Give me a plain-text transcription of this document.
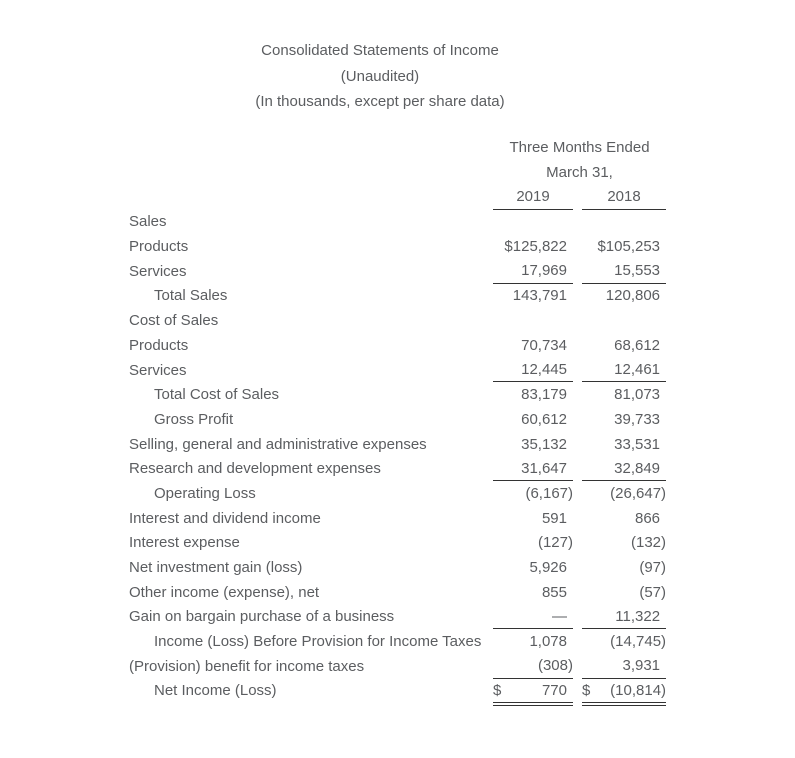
Consolidated Statements of Income
(Unaudited)
(In thousands, except per share data)
	Three Months Ended		
	March 31,		
	2019		2018
Sales			
Products	$125,822		$105,253
Services	17,969		15,553
Total Sales	143,791		120,806
Cost of Sales			
Products	70,734		68,612
Services	12,445		12,461
Total Cost of Sales	83,179		81,073
Gross Profit	60,612		39,733
Selling, general and administrative expenses	35,132		33,531
Research and development expenses	31,647		32,849
Operating Loss	(6,167)		(26,647)
Interest and dividend income	591		866
Interest expense	(127)		(132)
Net investment gain (loss)	5,926		(97)
Other income (expense), net	855		(57)
Gain on bargain purchase of a business	—		11,322
Income (Loss) Before Provision for Income Taxes	1,078		(14,745)
(Provision) benefit for income taxes	(308)		3,931
Net Income (Loss)	$ 770		$ (10,814)
